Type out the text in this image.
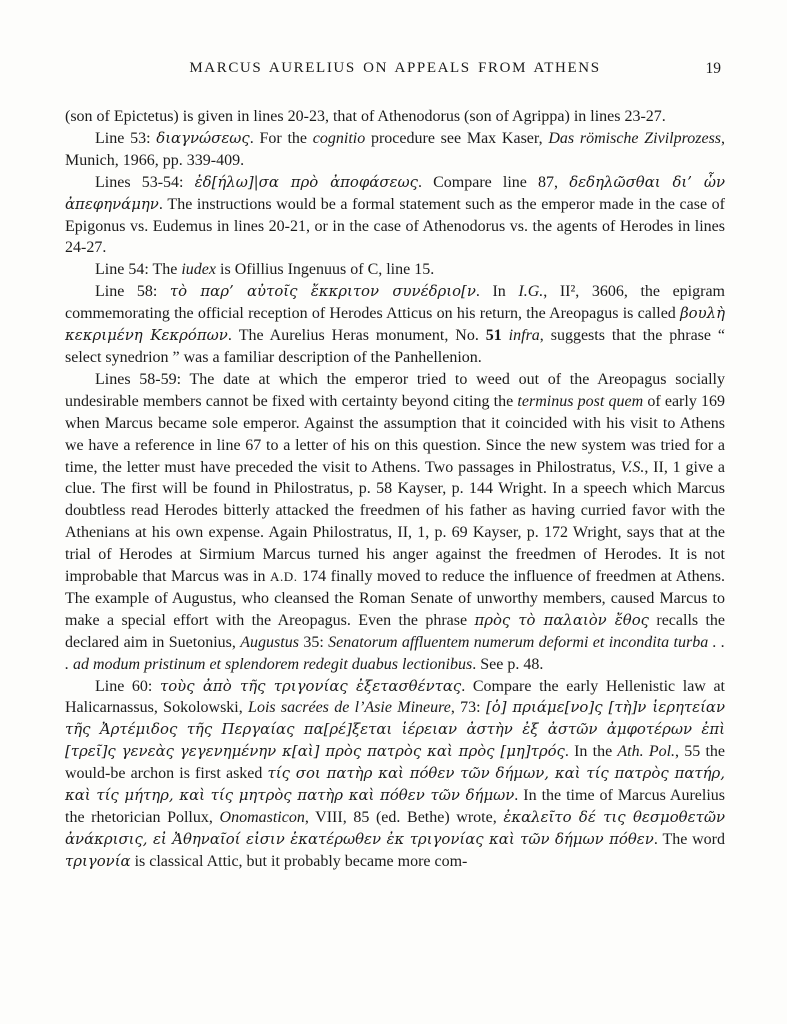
MARCUS AURELIUS ON APPEALS FROM ATHENS	19

(son of Epictetus) is given in lines 20-23, that of Athenodorus (son of Agrippa) in lines 23-27.

Line 53: διαγνώσεως. For the cognitio procedure see Max Kaser, Das römische Zivilprozess, Munich, 1966, pp. 339-409.

Lines 53-54: ἐδ[ήλω]|σα πρὸ ἀποφάσεως. Compare line 87, δεδηλῶσθαι δι’ ὧν ἀπεφηνάμην. The instructions would be a formal statement such as the emperor made in the case of Epigonus vs. Eudemus in lines 20-21, or in the case of Athenodorus vs. the agents of Herodes in lines 24-27.

Line 54: The iudex is Ofillius Ingenuus of C, line 15.

Line 58: τὸ παρ’ αὐτοῖς ἔκκριτον συνέδριο[ν. In I.G., II², 3606, the epigram commemorating the official reception of Herodes Atticus on his return, the Areopagus is called βουλὴ κεκριμένη Κεκρόπων. The Aurelius Heras monument, No. 51 infra, suggests that the phrase “ select synedrion ” was a familiar description of the Panhellenion.

Lines 58-59: The date at which the emperor tried to weed out of the Areopagus socially undesirable members cannot be fixed with certainty beyond citing the terminus post quem of early 169 when Marcus became sole emperor. Against the assumption that it coincided with his visit to Athens we have a reference in line 67 to a letter of his on this question. Since the new system was tried for a time, the letter must have preceded the visit to Athens. Two passages in Philostratus, V.S., II, 1 give a clue. The first will be found in Philostratus, p. 58 Kayser, p. 144 Wright. In a speech which Marcus doubtless read Herodes bitterly attacked the freedmen of his father as having curried favor with the Athenians at his own expense. Again Philostratus, II, 1, p. 69 Kayser, p. 172 Wright, says that at the trial of Herodes at Sirmium Marcus turned his anger against the freedmen of Herodes. It is not improbable that Marcus was in A.D. 174 finally moved to reduce the influence of freedmen at Athens. The example of Augustus, who cleansed the Roman Senate of unworthy members, caused Marcus to make a special effort with the Areopagus. Even the phrase πρὸς τὸ παλαιὸν ἔθος recalls the declared aim in Suetonius, Augustus 35: Senatorum affluentem numerum deformi et incondita turba . . . ad modum pristinum et splendorem redegit duabus lectionibus. See p. 48.

Line 60: τοὺς ἀπὸ τῆς τριγονίας ἐξετασθέντας. Compare the early Hellenistic law at Halicarnassus, Sokolowski, Lois sacrées de l’Asie Mineure, 73: [ὁ] πριάμε[νο]ς [τὴ]ν ἱερητείαν τῆς Ἀρτέμιδος τῆς Περγαίας πα[ρέ]ξεται ἱέρειαν ἀστὴν ἐξ ἀστῶν ἀμφοτέρων ἐπὶ [τρεῖ]ς γενεὰς γεγενημένην κ[αὶ] πρὸς πατρὸς καὶ πρὸς [μη]τρός. In the Ath. Pol., 55 the would-be archon is first asked τίς σοι πατὴρ καὶ πόθεν τῶν δήμων, καὶ τίς πατρὸς πατήρ, καὶ τίς μήτηρ, καὶ τίς μητρὸς πατὴρ καὶ πόθεν τῶν δήμων. In the time of Marcus Aurelius the rhetorician Pollux, Onomasticon, VIII, 85 (ed. Bethe) wrote, ἐκαλεῖτο δέ τις θεσμοθετῶν ἀνάκρισις, εἰ Ἀθηναῖοί εἰσιν ἑκατέρωθεν ἐκ τριγονίας καὶ τῶν δήμων πόθεν. The word τριγονία is classical Attic, but it probably became more com-
